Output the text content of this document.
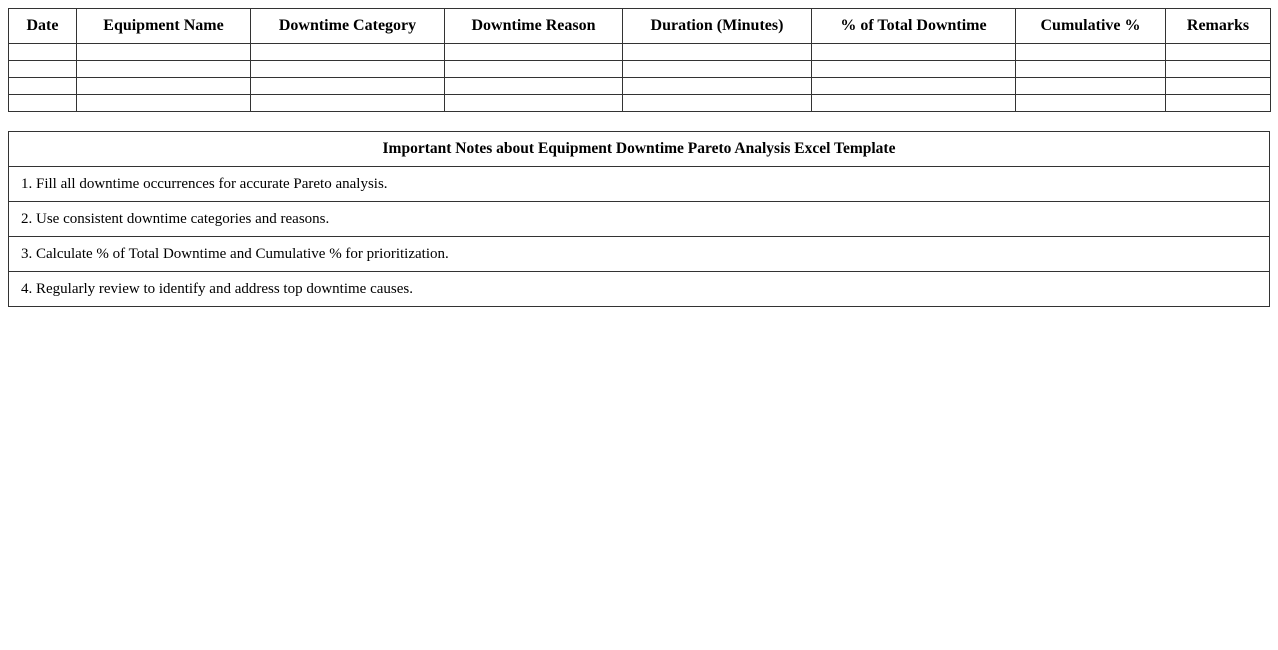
Date	Equipment Name	Downtime Category	Downtime Reason	Duration (Minutes)	% of Total Downtime	Cumulative %	Remarks

Important Notes about Equipment Downtime Pareto Analysis Excel Template
1. Fill all downtime occurrences for accurate Pareto analysis.
2. Use consistent downtime categories and reasons.
3. Calculate % of Total Downtime and Cumulative % for prioritization.
4. Regularly review to identify and address top downtime causes.
